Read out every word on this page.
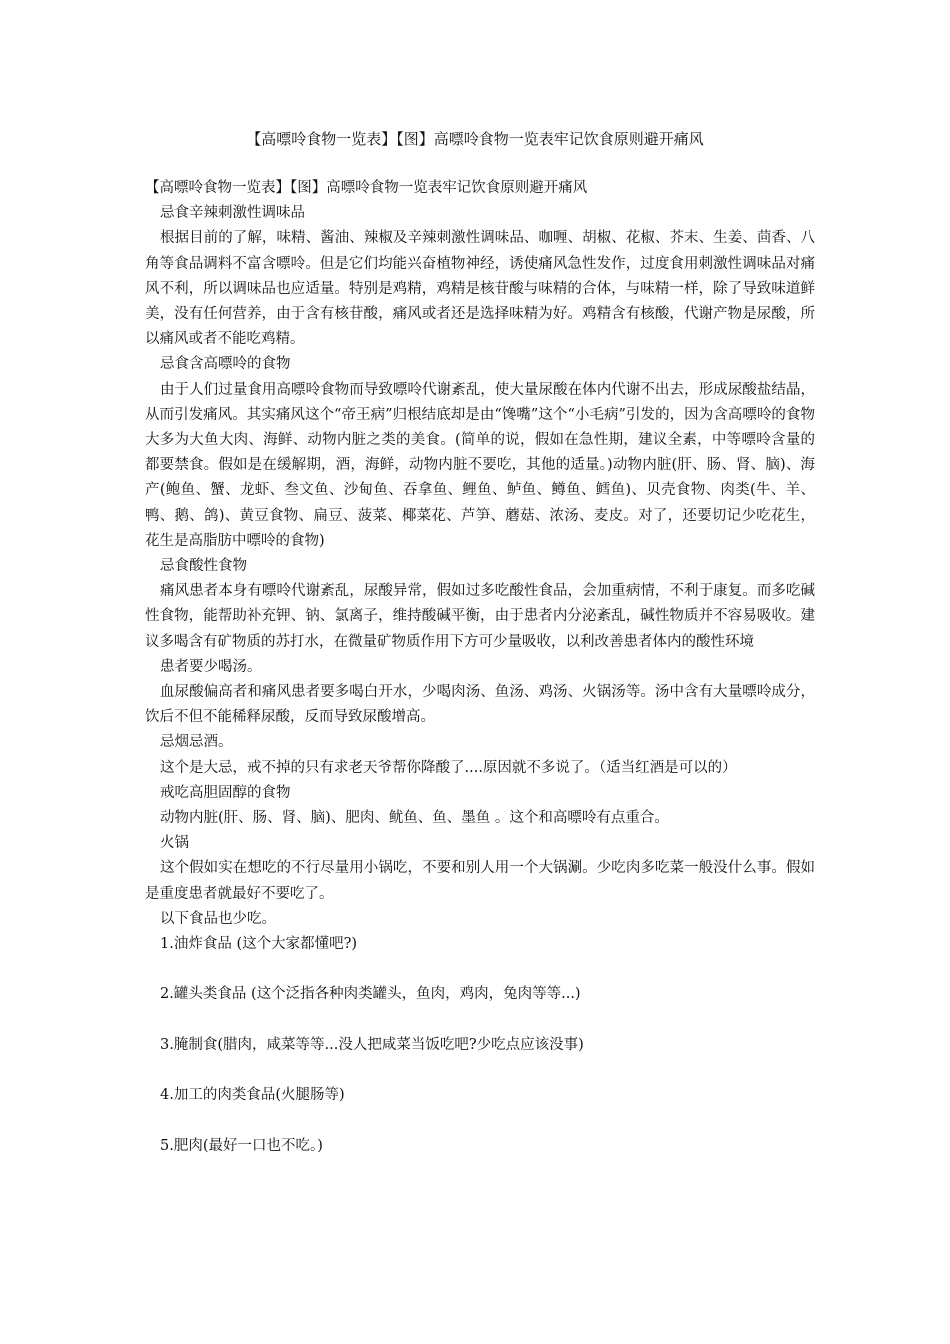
【高嘌呤食物一览表】【图】高嘌呤食物一览表牢记饮食原则避开痛风

【高嘌呤食物一览表】【图】高嘌呤食物一览表牢记饮食原则避开痛风

忌食辛辣刺激性调味品

根据目前的了解，味精、酱油、辣椒及辛辣刺激性调味品、咖喱、胡椒、花椒、芥末、生姜、茴香、八角等食品调料不富含嘌呤。但是它们均能兴奋植物神经，诱使痛风急性发作，过度食用刺激性调味品对痛风不利，所以调味品也应适量。特别是鸡精，鸡精是核苷酸与味精的合体，与味精一样，除了导致味道鲜美，没有任何营养，由于含有核苷酸，痛风或者还是选择味精为好。鸡精含有核酸，代谢产物是尿酸，所以痛风或者不能吃鸡精。

忌食含高嘌呤的食物

由于人们过量食用高嘌呤食物而导致嘌呤代谢紊乱，使大量尿酸在体内代谢不出去，形成尿酸盐结晶，从而引发痛风。其实痛风这个“帝王病”归根结底却是由“馋嘴”这个“小毛病”引发的，因为含高嘌呤的食物大多为大鱼大肉、海鲜、动物内脏之类的美食。(简单的说，假如在急性期，建议全素，中等嘌呤含量的都要禁食。假如是在缓解期，酒，海鲜，动物内脏不要吃，其他的适量。)动物内脏(肝、肠、肾、脑)、海产(鲍鱼、蟹、龙虾、叁文鱼、沙甸鱼、吞拿鱼、鲤鱼、鲈鱼、鳟鱼、鳕鱼)、贝壳食物、肉类(牛、羊、鸭、鹅、鸽)、黄豆食物、扁豆、菠菜、椰菜花、芦笋、蘑菇、浓汤、麦皮。对了，还要切记少吃花生，花生是高脂肪中嘌呤的食物)

忌食酸性食物

痛风患者本身有嘌呤代谢紊乱，尿酸异常，假如过多吃酸性食品，会加重病情，不利于康复。而多吃碱性食物，能帮助补充钾、钠、氯离子，维持酸碱平衡，由于患者内分泌紊乱，碱性物质并不容易吸收。建议多喝含有矿物质的苏打水，在微量矿物质作用下方可少量吸收，以利改善患者体内的酸性环境

患者要少喝汤。

血尿酸偏高者和痛风患者要多喝白开水，少喝肉汤、鱼汤、鸡汤、火锅汤等。汤中含有大量嘌呤成分，饮后不但不能稀释尿酸，反而导致尿酸增高。

忌烟忌酒。

这个是大忌，戒不掉的只有求老天爷帮你降酸了....原因就不多说了。（适当红酒是可以的）

戒吃高胆固醇的食物

动物内脏(肝、肠、肾、脑)、肥肉、鱿鱼、鱼、墨鱼 。这个和高嘌呤有点重合。

火锅

这个假如实在想吃的不行尽量用小锅吃，不要和别人用一个大锅涮。少吃肉多吃菜一般没什么事。假如是重度患者就最好不要吃了。

以下食品也少吃。

1.油炸食品 (这个大家都懂吧?)

2.罐头类食品 (这个泛指各种肉类罐头，鱼肉，鸡肉，兔肉等等...)

3.腌制食(腊肉，咸菜等等...没人把咸菜当饭吃吧?少吃点应该没事)

4.加工的肉类食品(火腿肠等)

5.肥肉(最好一口也不吃。)
